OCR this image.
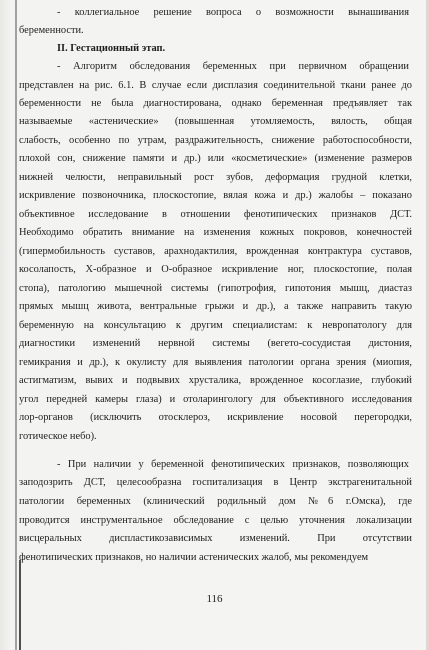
- коллегиальное решение вопроса о возможности вынашивания
беременности.
II. Гестационный этап.
- Алгоритм обследования беременных при первичном обращении
представлен на рис. 6.1. В случае если дисплазия соединительной ткани ранее до
беременности не была диагностирована, однако беременная предъявляет так
называемые «астенические» (повышенная утомляемость, вялость, общая
слабость, особенно по утрам, раздражительность, снижение работоспособности,
плохой сон, снижение памяти и др.) или «косметические» (изменение размеров
нижней челюсти, неправильный рост зубов, деформация грудной клетки,
искривление позвоночника, плоскостопие, вялая кожа и др.) жалобы – показано
объективное исследование в отношении фенотипических признаков ДСТ.
Необходимо обратить внимание на изменения кожных покровов, конечностей
(гипермобильность суставов, арахнодактилия, врожденная контрактура суставов,
косолапость, Х-образное и О-образное искривление ног, плоскостопие, полая
стопа), патологию мышечной системы (гипотрофия, гипотония мышц, диастаз
прямых мышц живота, вентральные грыжи и др.), а также направить такую
беременную на консультацию к другим специалистам: к невропатологу для
диагностики изменений нервной системы (вегето-сосудистая дистония,
гемикрания и др.), к окулисту для выявления патологии органа зрения (миопия,
астигматизм, вывих и подвывих хрусталика, врожденное косоглазие, глубокий
угол передней камеры глаза) и отоларингологу для объективного исследования
лор-органов (исключить отосклероз, искривление носовой перегородки,
готическое небо).
- При наличии у беременной фенотипических признаков, позволяющих
заподозрить ДСТ, целесообразна госпитализация в Центр экстрагенитальной
патологии беременных (клинический родильный дом №6 г.Омска), где
проводится инструментальное обследование с целью уточнения локализации
висцеральных диспластикозависимых изменений. При отсутствии
фенотипических признаков, но наличии астенических жалоб, мы рекомендуем
116
